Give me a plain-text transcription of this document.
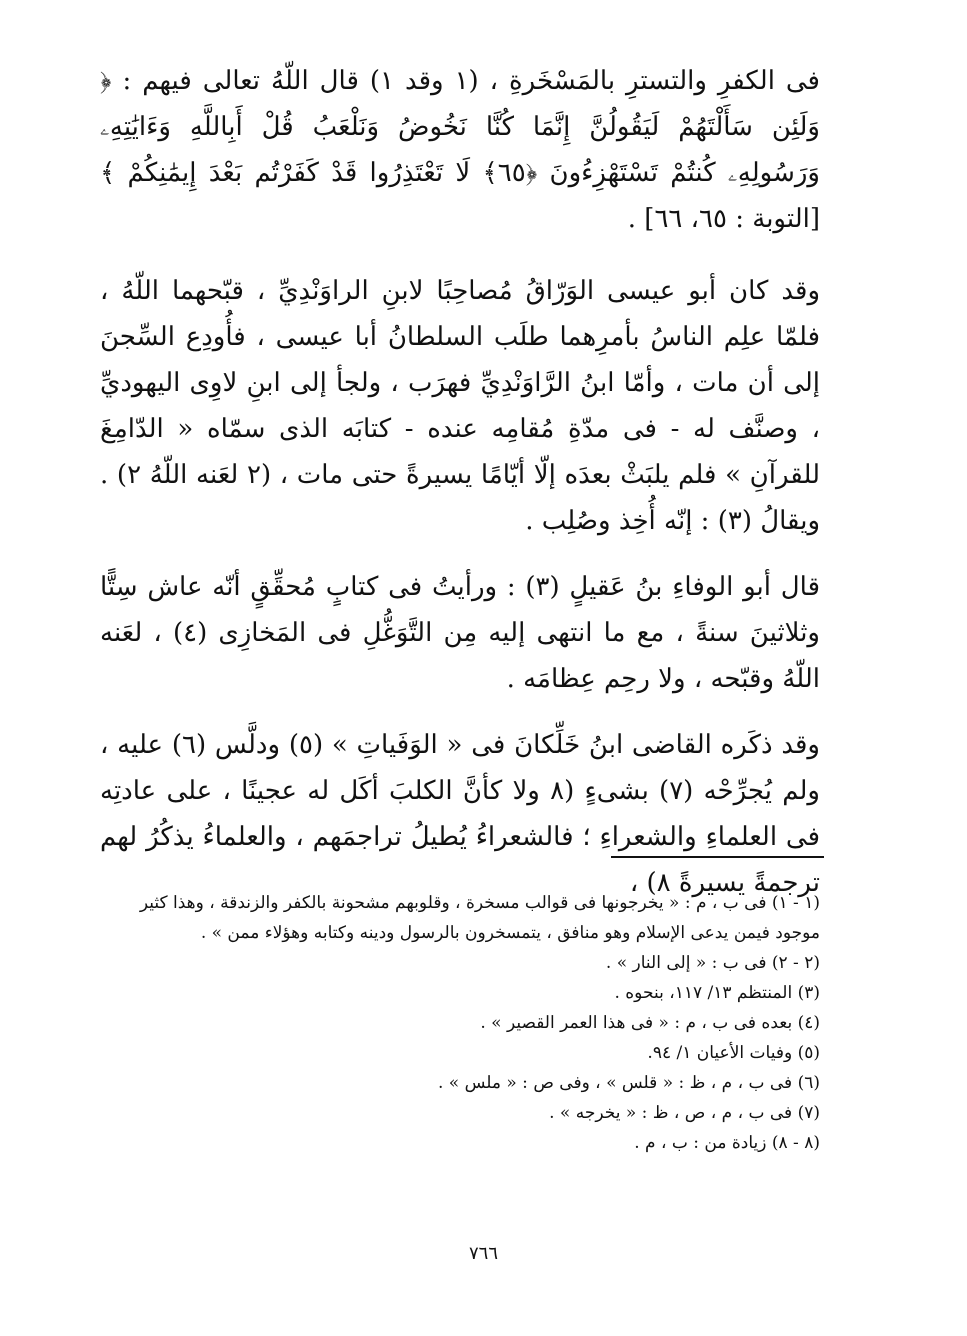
فى الكفرِ والتسترِ بالمَسْخَرةِ ، (١ وقد ١) قال اللّهُ تعالى فيهم : ﴿ وَلَئِن سَأَلْتَهُمْ لَيَقُولُنَّ إِنَّمَا كُنَّا نَخُوضُ وَنَلْعَبُ قُلْ أَبِاللَّهِ وَءَايَٰتِهِۦ وَرَسُولِهِۦ كُنتُمْ تَسْتَهْزِءُونَ ﴿٦٥﴾ لَا تَعْتَذِرُوا قَدْ كَفَرْتُم بَعْدَ إِيمَٰنِكُمْ ﴾ [التوبة : ٦٥، ٦٦] .

وقد كان أبو عيسى الوَرّاقُ مُصاحِبًا لابنِ الراوَنْدِيِّ ، قبّحهما اللّهُ ، فلمّا علِم الناسُ بأمرِهما طلَب السلطانُ أبا عيسى ، فأُودِع السِّجنَ إلى أن مات ، وأمّا ابنُ الرَّاوَنْدِيِّ فهرَب ، ولجأ إلى ابنِ لاوِى اليهوديِّ ، وصنَّف له - فى مدّةِ مُقامِه عنده - كتابَه الذى سمّاه « الدّامِغَ للقرآنِ » فلم يلبَثْ بعدَه إلّا أيّامًا يسيرةً حتى مات ، (٢ لعَنه اللّهُ ٢) . ويقالُ (٣) : إنّه أُخِذ وصُلِب .

قال أبو الوفاءِ بنُ عَقيلٍ (٣) : ورأيتُ فى كتابٍ مُحقِّقٍ أنّه عاش سِتًّا وثلاثينَ سنةً ، مع ما انتهى إليه مِن التَّوَغُّلِ فى المَخازِى (٤) ، لعَنه اللّهُ وقبّحه ، ولا رحِم عِظامَه .

وقد ذكَره القاضى ابنُ خَلِّكانَ فى « الوَفَياتِ » (٥) ودلَّس (٦) عليه ، ولم يُجرِّحْه (٧) بشىءٍ (٨ ولا كأنَّ الكلبَ أكَل له عجينًا ، على عادتِه فى العلماءِ والشعراءِ ؛ فالشعراءُ يُطيلُ تراجمَهم ، والعلماءُ يذكُرُ لهم ترجمةً يسيرةً ٨) ،

(١ - ١) فى ب ، م : « يخرجونها فى قوالب مسخرة ، وقلوبهم مشحونة بالكفر والزندقة ، وهذا كثير موجود فيمن يدعى الإسلام وهو منافق ، يتمسخرون بالرسول ودينه وكتابه وهؤلاء ممن » .

(٢ - ٢) فى ب : « إلى النار » .

(٣) المنتظم ١٣/ ١١٧، بنحوه .

(٤) بعده فى ب ، م : « فى هذا العمر القصير » .

(٥) وفيات الأعيان ١/ ٩٤.

(٦) فى ب ، م ، ظ : « قلس » ، وفى ص : « ملس » .

(٧) فى ب ، م ، ص ، ظ : « يخرجه » .

(٨ - ٨) زيادة من : ب ، م .

٧٦٦
